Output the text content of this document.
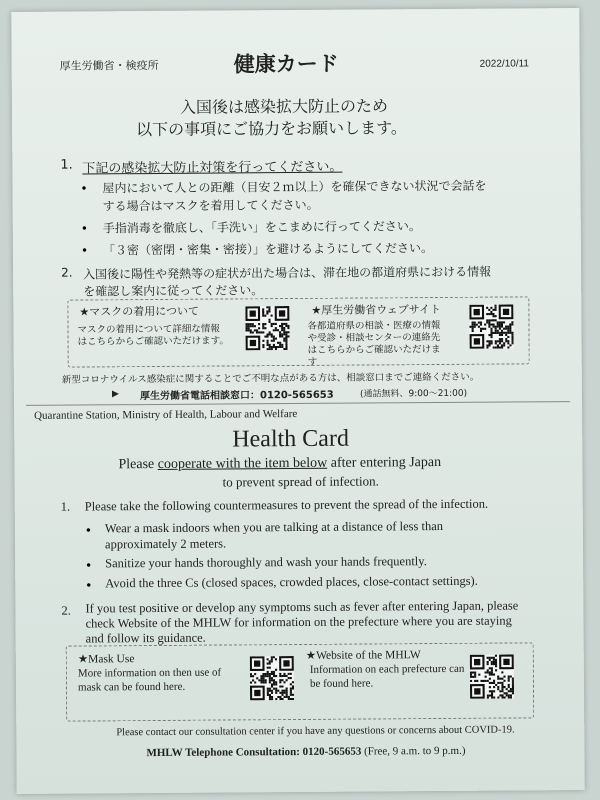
厚生労働省・検疫所	健康カード	2022/10/11
入国後は感染拡大防止のため
以下の事項にご協力をお願いします。
1. 下記の感染拡大防止対策を行ってください。
• 屋内において人との距離（目安２ｍ以上）を確保できない状況で会話を
する場合はマスクを着用してください。
• 手指消毒を徹底し、「手洗い」をこまめに行ってください。
• 「３密（密閉・密集・密接）」を避けるようにしてください。
2. 入国後に陽性や発熱等の症状が出た場合は、滞在地の都道府県における情報
を確認し案内に従ってください。
★マスクの着用について
マスクの着用について詳細な情報
はこちらからご確認いただけます。
★厚生労働省ウェブサイト
各都道府県の相談・医療の情報
や受診・相談センターの連絡先
はこちらからご確認いただけま
す
新型コロナウイルス感染症に関することでご不明な点がある方は、相談窓口までご連絡ください。
▶ 厚生労働省電話相談窓口：0120-565653	(通話無料、9:00～21:00)
Quarantine Station, Ministry of Health, Labour and Welfare
Health Card
Please cooperate with the item below after entering Japan
to prevent spread of infection.
1. Please take the following countermeasures to prevent the spread of the infection.
• Wear a mask indoors when you are talking at a distance of less than
approximately 2 meters.
• Sanitize your hands thoroughly and wash your hands frequently.
• Avoid the three Cs (closed spaces, crowded places, close-contact settings).
2. If you test positive or develop any symptoms such as fever after entering Japan, please
check Website of the MHLW for information on the prefecture where you are staying
and follow its guidance.
★Mask Use
More information on then use of
mask can be found here.
★Website of the MHLW
Information on each prefecture can
be found here.
Please contact our consultation center if you have any questions or concerns about COVID-19.
MHLW Telephone Consultation: 0120-565653 (Free, 9 a.m. to 9 p.m.)
